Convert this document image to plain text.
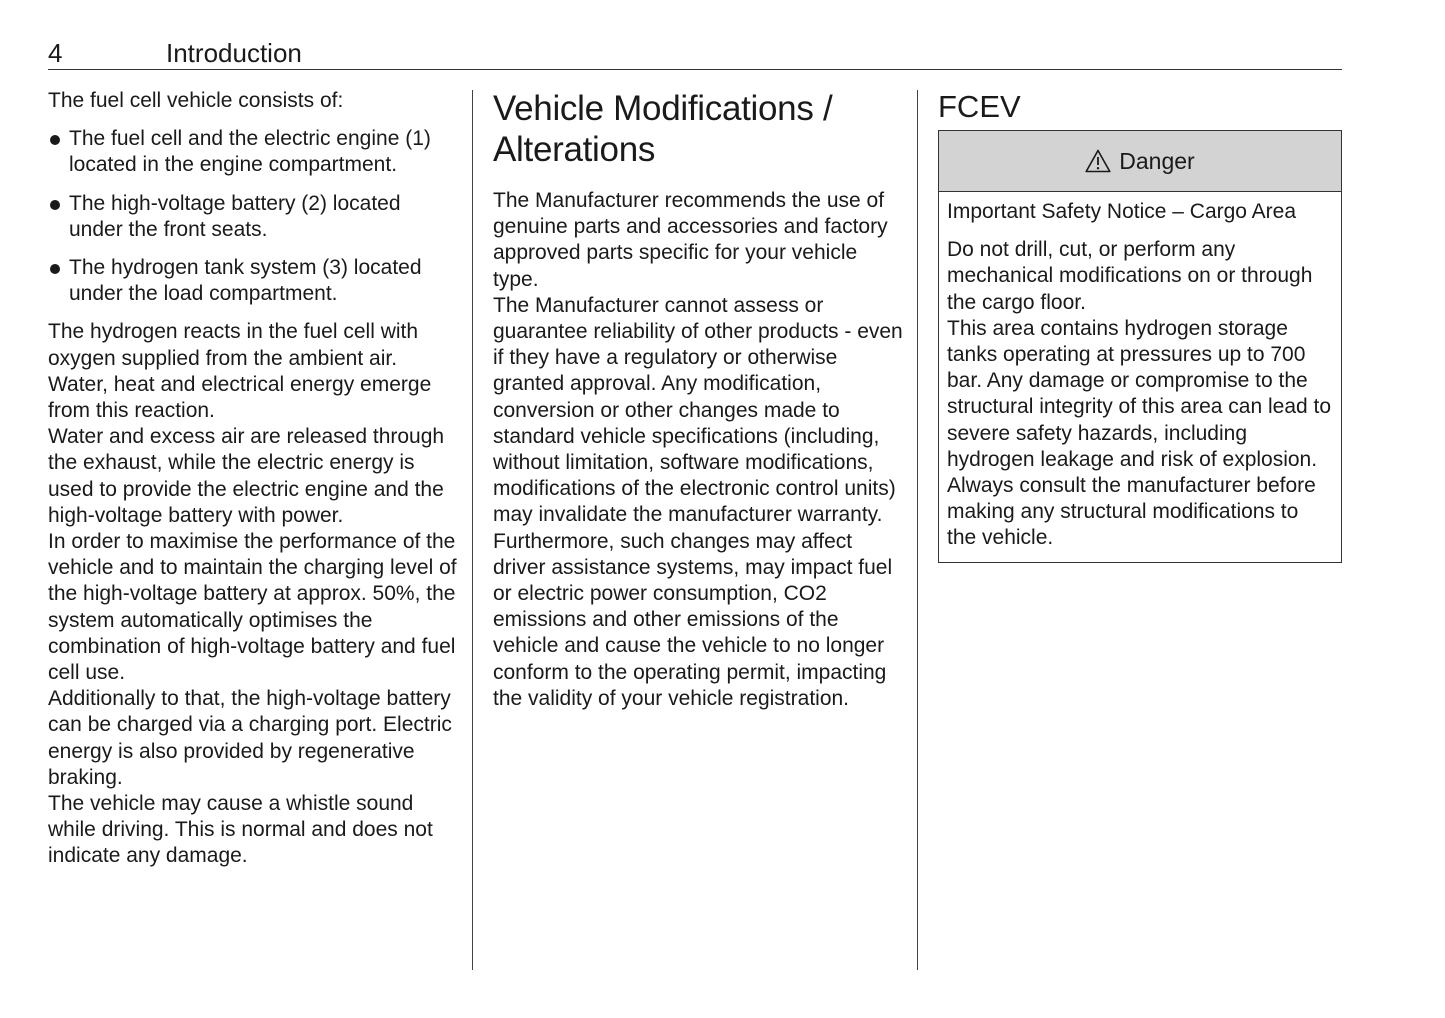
4	Introduction

The fuel cell vehicle consists of:

The fuel cell and the electric engine (1) located in the engine compartment.
The high-voltage battery (2) located under the front seats.
The hydrogen tank system (3) located under the load compartment.

The hydrogen reacts in the fuel cell with oxygen supplied from the ambient air. Water, heat and electrical energy emerge from this reaction.

Water and excess air are released through the exhaust, while the electric energy is used to provide the electric engine and the high-voltage battery with power.

In order to maximise the performance of the vehicle and to maintain the charging level of the high-voltage battery at approx. 50%, the system automatically optimises the combination of high-voltage battery and fuel cell use.

Additionally to that, the high-voltage battery can be charged via a charging port. Electric energy is also provided by regenerative braking.

The vehicle may cause a whistle sound while driving. This is normal and does not indicate any damage.

Vehicle Modifications /
Alterations

The Manufacturer recommends the use of genuine parts and accessories and factory approved parts specific for your vehicle type.

The Manufacturer cannot assess or guarantee reliability of other products - even if they have a regulatory or otherwise granted approval. Any modification, conversion or other changes made to standard vehicle specifications (including, without limitation, software modifications, modifications of the electronic control units) may invalidate the manufacturer warranty. Furthermore, such changes may affect driver assistance systems, may impact fuel or electric power consumption, CO2 emissions and other emissions of the vehicle and cause the vehicle to no longer conform to the operating permit, impacting the validity of your vehicle registration.

FCEV
Danger

Important Safety Notice – Cargo Area

Do not drill, cut, or perform any mechanical modifications on or through the cargo floor.

This area contains hydrogen storage tanks operating at pressures up to 700 bar. Any damage or compromise to the structural integrity of this area can lead to severe safety hazards, including hydrogen leakage and risk of explosion. Always consult the manufacturer before making any structural modifications to the vehicle.
